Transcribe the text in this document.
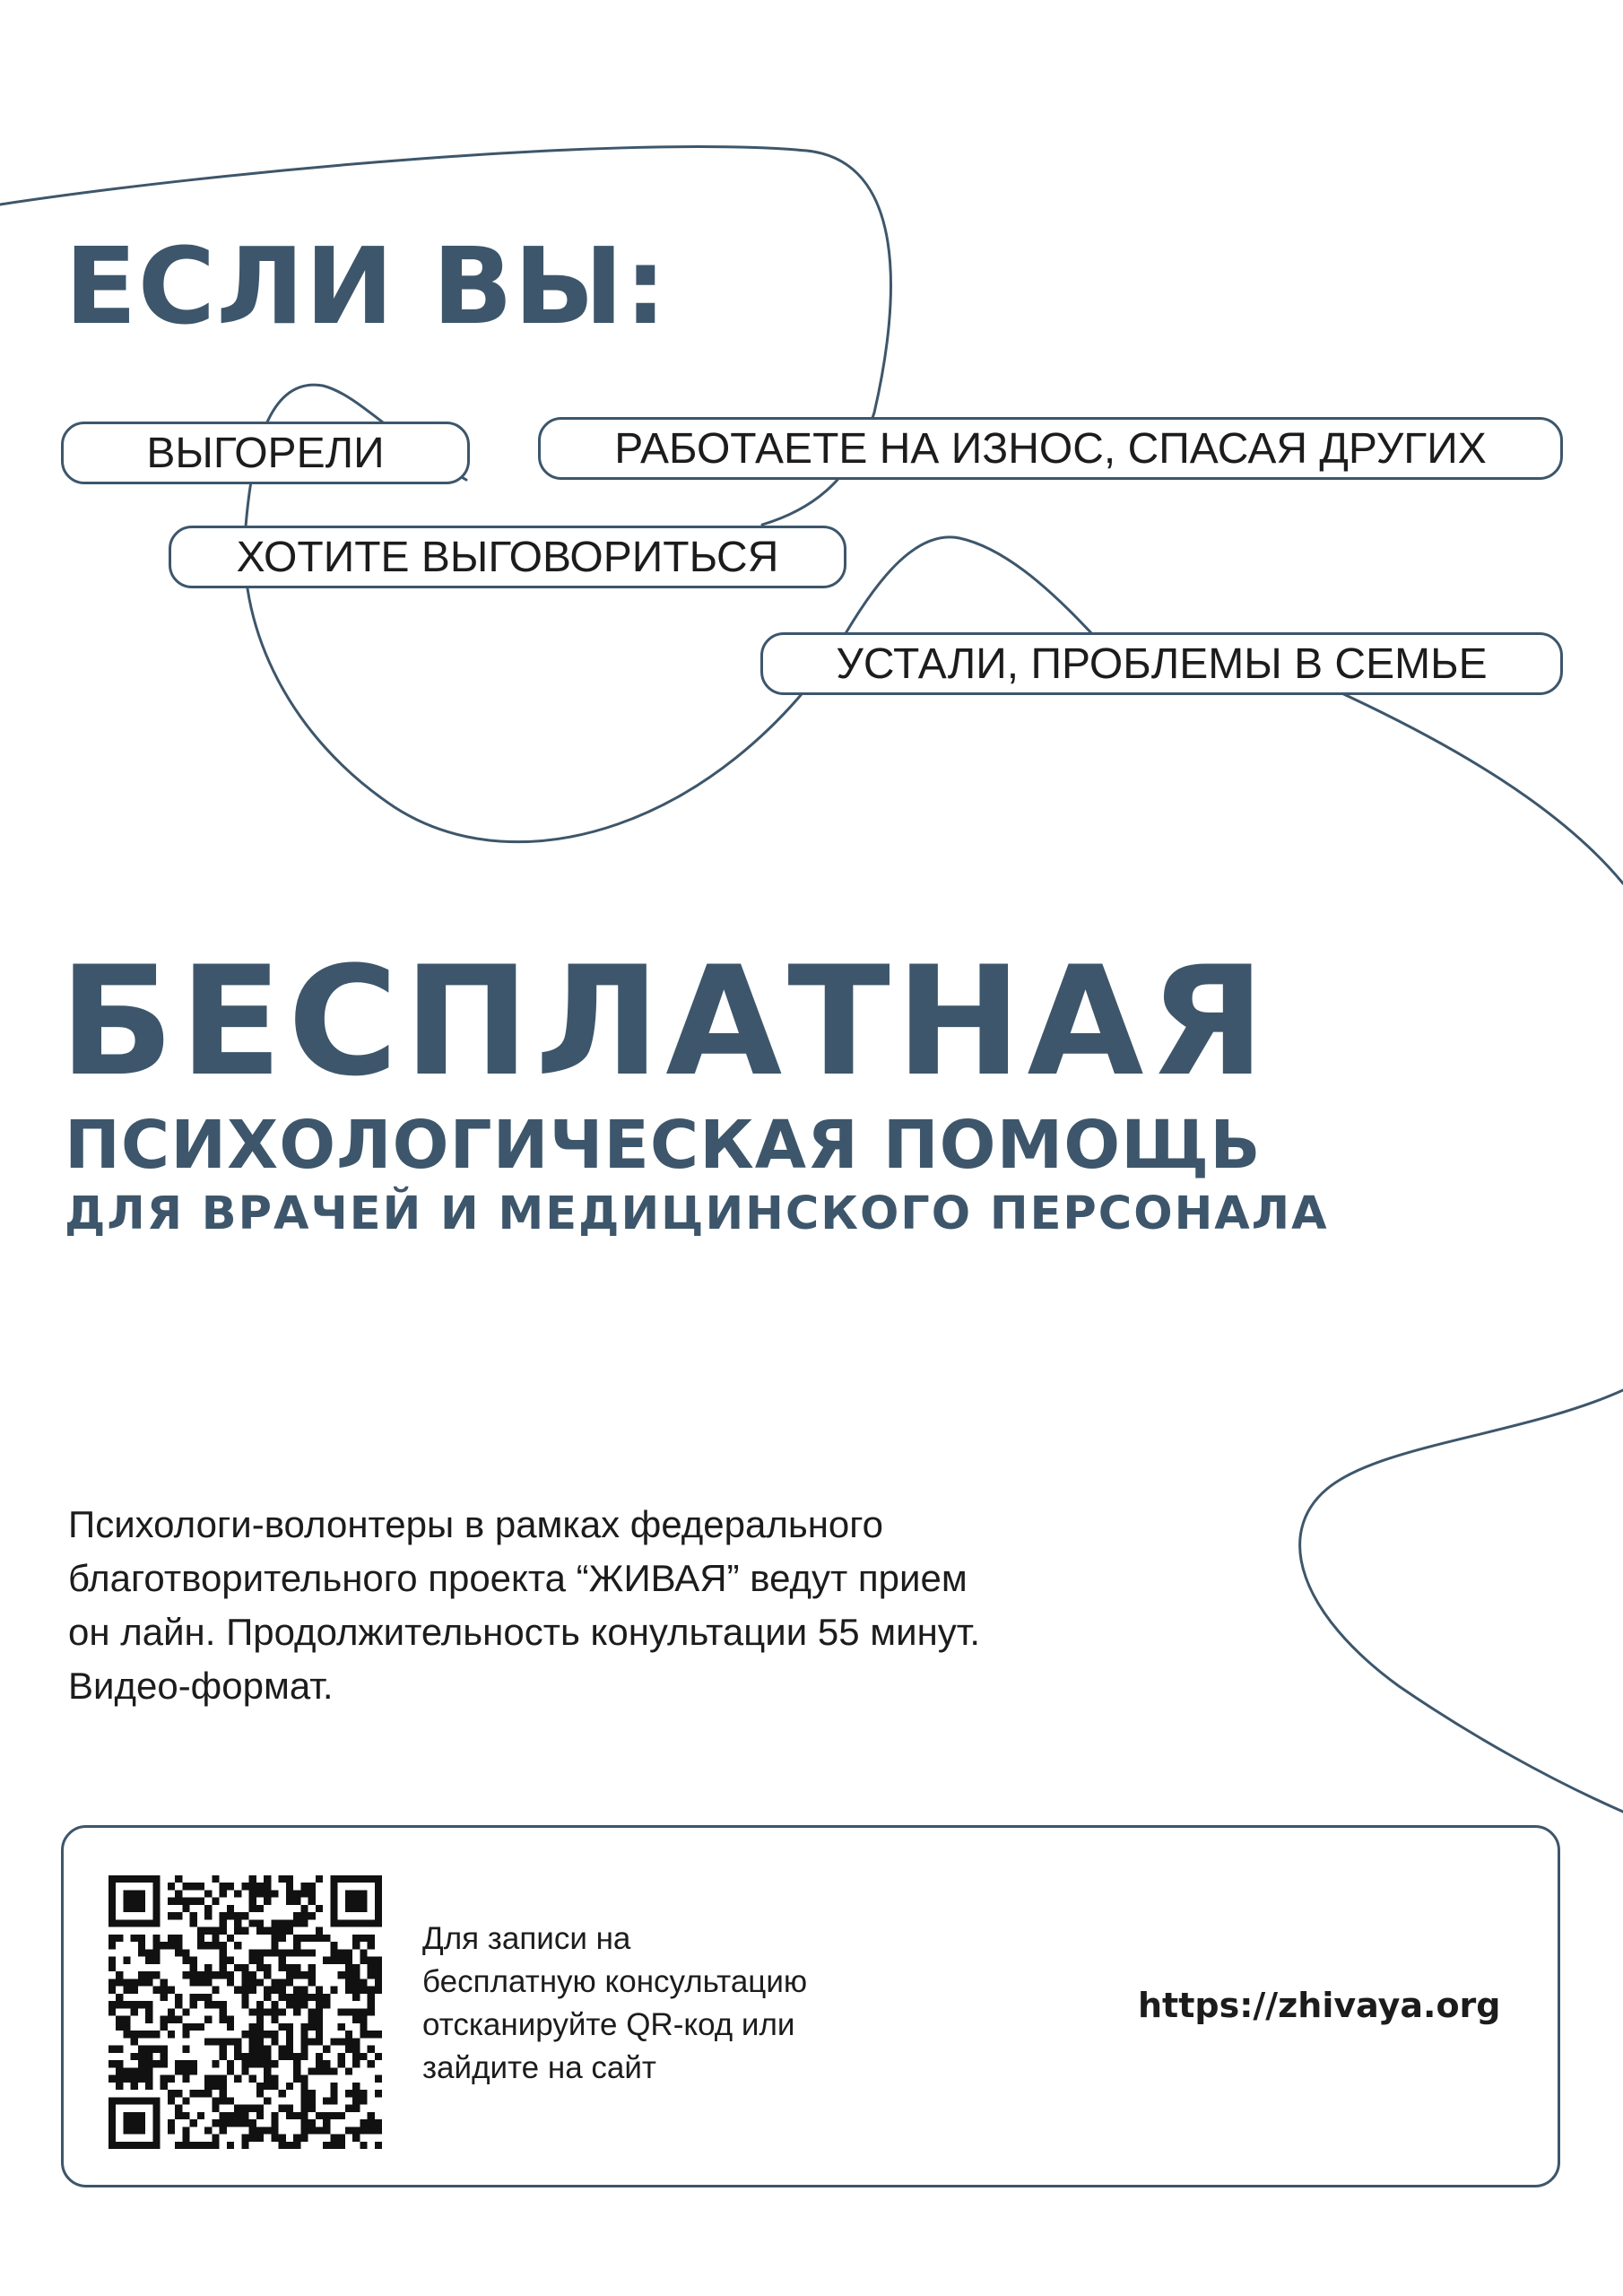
ЕСЛИ ВЫ:
ВЫГОРЕЛИ	РАБОТАЕТЕ НА ИЗНОС, СПАСАЯ ДРУГИХ
ХОТИТЕ ВЫГОВОРИТЬСЯ
УСТАЛИ, ПРОБЛЕМЫ В СЕМЬЕ
БЕСПЛАТНАЯ
ПСИХОЛОГИЧЕСКАЯ ПОМОЩЬ
ДЛЯ ВРАЧЕЙ И МЕДИЦИНСКОГО ПЕРСОНАЛА

Психологи-волонтеры в рамках федерального
благотворительного проекта “ЖИВАЯ” ведут прием
он лайн. Продолжительность конультации 55 минут.
Видео-формат.

Для записи на
бесплатную консультацию
отсканируйте QR-код или
зайдите на сайт

https://zhivaya.org
